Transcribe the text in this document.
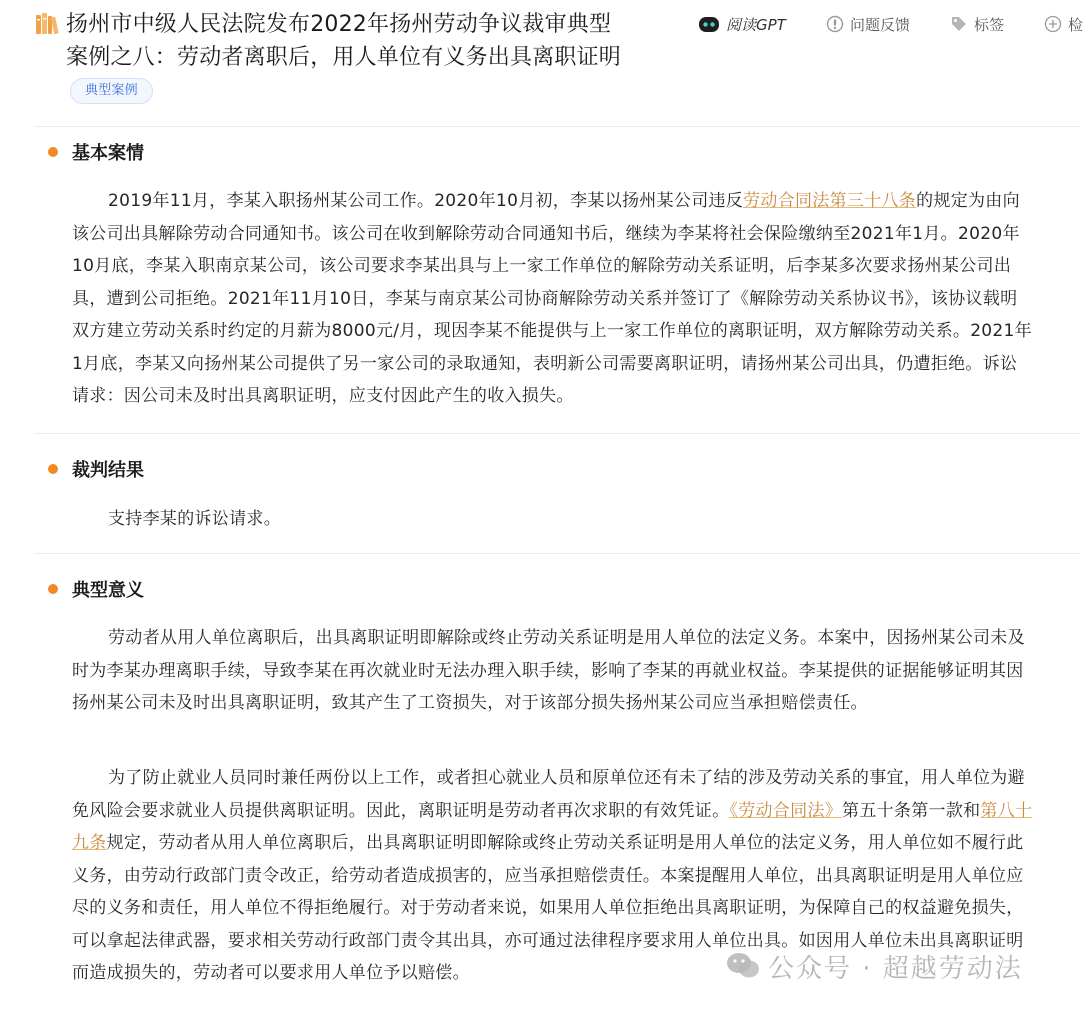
扬州市中级人民法院发布2022年扬州劳动争议裁审典型案例之八：劳动者离职后，用人单位有义务出具离职证明典型案例
阅读GPT	问题反馈	标签	检
基本案情
2019年11月，李某入职扬州某公司工作。2020年10月初，李某以扬州某公司违反劳动合同法第三十八条的规定为由向该公司出具解除劳动合同通知书。该公司在收到解除劳动合同通知书后，继续为李某将社会保险缴纳至2021年1月。2020年10月底，李某入职南京某公司，该公司要求李某出具与上一家工作单位的解除劳动关系证明，后李某多次要求扬州某公司出具，遭到公司拒绝。2021年11月10日，李某与南京某公司协商解除劳动关系并签订了《解除劳动关系协议书》，该协议载明双方建立劳动关系时约定的月薪为8000元/月，现因李某不能提供与上一家工作单位的离职证明，双方解除劳动关系。2021年1月底，李某又向扬州某公司提供了另一家公司的录取通知，表明新公司需要离职证明，请扬州某公司出具，仍遭拒绝。诉讼请求：因公司未及时出具离职证明，应支付因此产生的收入损失。
裁判结果
支持李某的诉讼请求。
典型意义
劳动者从用人单位离职后，出具离职证明即解除或终止劳动关系证明是用人单位的法定义务。本案中，因扬州某公司未及时为李某办理离职手续，导致李某在再次就业时无法办理入职手续，影响了李某的再就业权益。李某提供的证据能够证明其因扬州某公司未及时出具离职证明，致其产生了工资损失，对于该部分损失扬州某公司应当承担赔偿责任。
为了防止就业人员同时兼任两份以上工作，或者担心就业人员和原单位还有未了结的涉及劳动关系的事宜，用人单位为避免风险会要求就业人员提供离职证明。因此，离职证明是劳动者再次求职的有效凭证。《劳动合同法》第五十条第一款和第八十九条规定，劳动者从用人单位离职后，出具离职证明即解除或终止劳动关系证明是用人单位的法定义务，用人单位如不履行此义务，由劳动行政部门责令改正，给劳动者造成损害的，应当承担赔偿责任。本案提醒用人单位，出具离职证明是用人单位应尽的义务和责任，用人单位不得拒绝履行。对于劳动者来说，如果用人单位拒绝出具离职证明，为保障自己的权益避免损失，可以拿起法律武器，要求相关劳动行政部门责令其出具，亦可通过法律程序要求用人单位出具。如因用人单位未出具离职证明而造成损失的，劳动者可以要求用人单位予以赔偿。	公众号 · 超越劳动法
